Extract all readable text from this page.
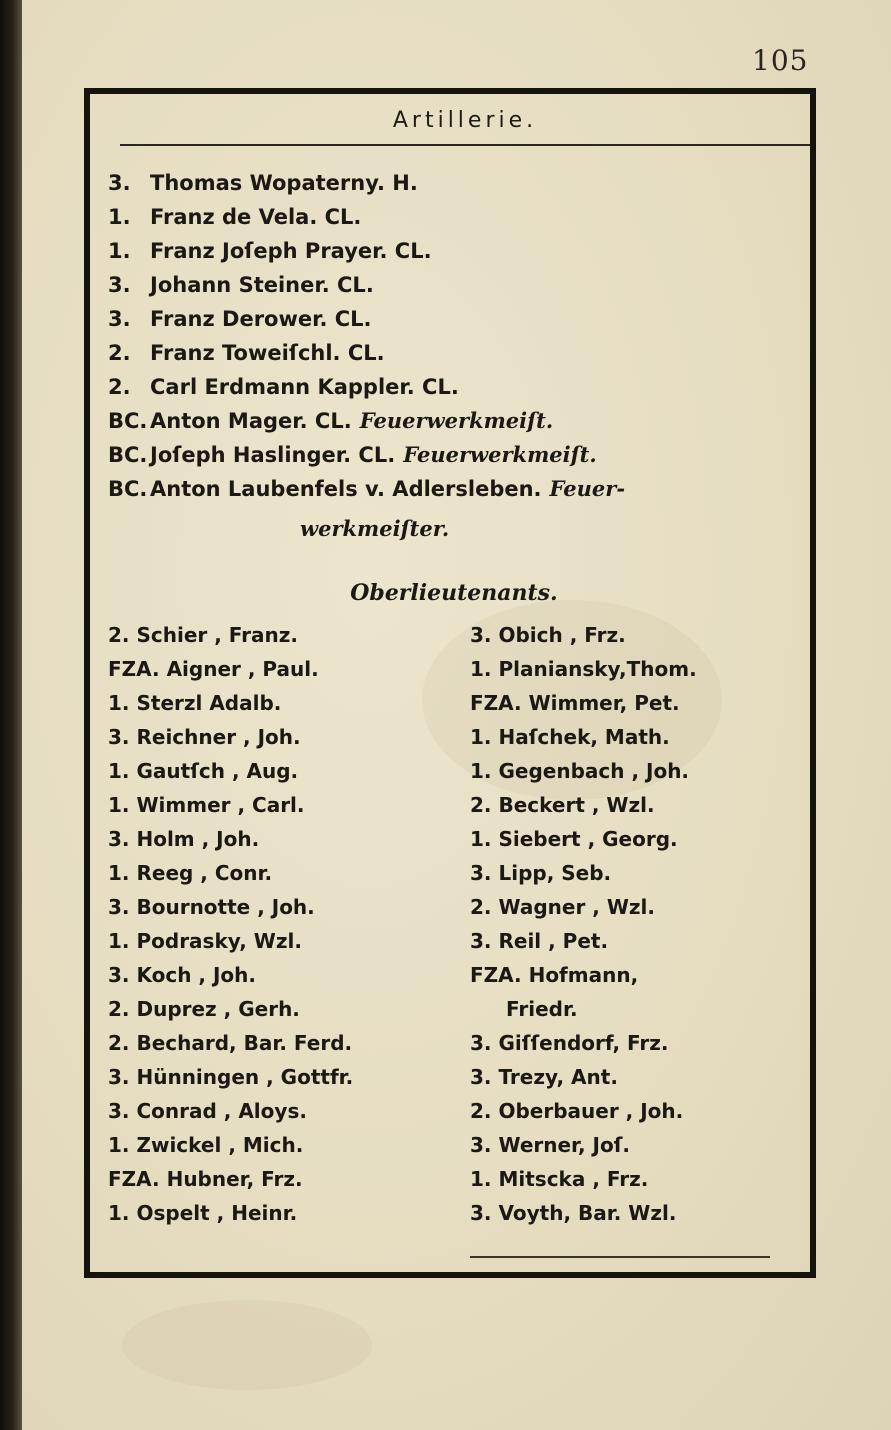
105
Artillerie.
3. Thomas Wopaterny. H.
1. Franz de Vela. CL.
1. Franz Joſeph Prayer. CL.
3. Johann Steiner. CL.
3. Franz Derower. CL.
2. Franz Toweiſchl. CL.
2. Carl Erdmann Kappler. CL.
BC. Anton Mager. CL. Feuerwerkmeiſt.
BC. Joſeph Haslinger. CL. Feuerwerkmeiſt.
BC. Anton Laubenfels v. Adlersleben. Feuer-
werkmeiſter.
Oberlieutenants.
2. Schier , Franz.
FZA. Aigner , Paul.
1. Sterzl Adalb.
3. Reichner , Joh.
1. Gautſch , Aug.
1. Wimmer , Carl.
3. Holm , Joh.
1. Reeg , Conr.
3. Bournotte , Joh.
1. Podrasky, Wzl.
3. Koch , Joh.
2. Duprez , Gerh.
2. Bechard, Bar. Ferd.
3. Hünningen , Gottfr.
3. Conrad , Aloys.
1. Zwickel , Mich.
FZA. Hubner, Frz.
1. Ospelt , Heinr.
3. Obich , Frz.
1. Planiansky,Thom.
FZA. Wimmer, Pet.
1. Haſchek, Math.
1. Gegenbach , Joh.
2. Beckert , Wzl.
1. Siebert , Georg.
3. Lipp, Seb.
2. Wagner , Wzl.
3. Reil , Pet.
FZA. Hofmann,
Friedr.
3. Giſſendorf, Frz.
3. Trezy, Ant.
2. Oberbauer , Joh.
3. Werner, Joſ.
1. Mitscka , Frz.
3. Voyth, Bar. Wzl.
